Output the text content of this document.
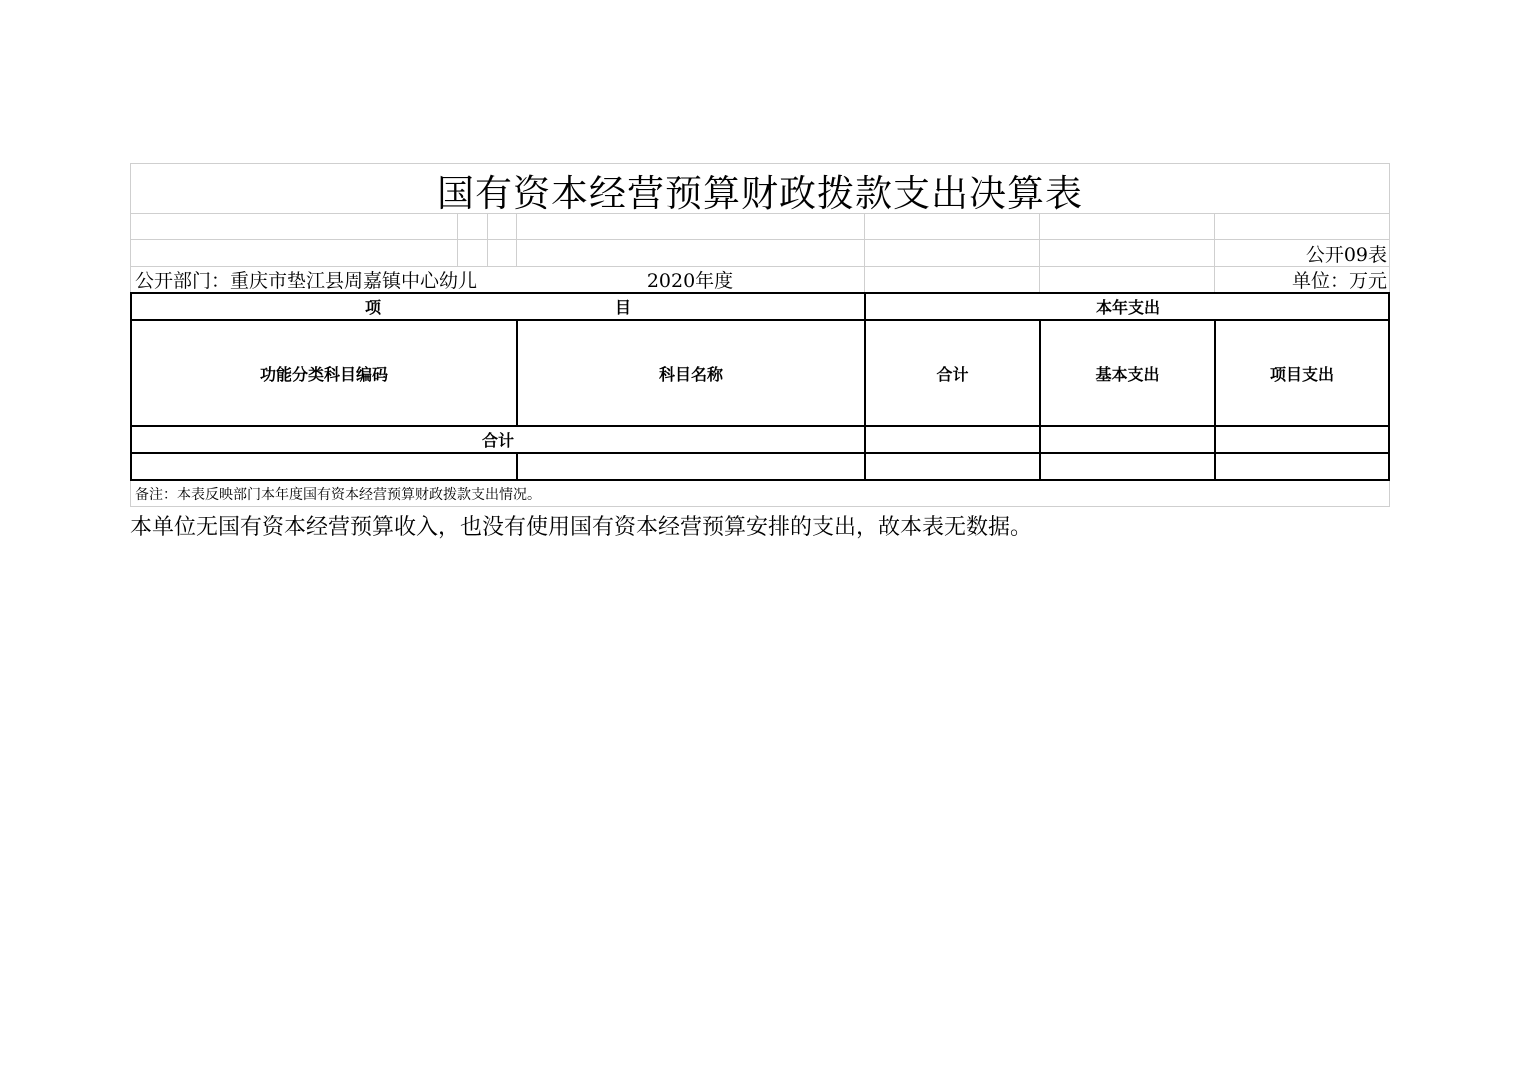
国有资本经营预算财政拨款支出决算表
公开09表
公开部门：重庆市垫江县周嘉镇中心幼儿	2020年度	单位：万元
项	目	本年支出
功能分类科目编码	科目名称	合计	基本支出	项目支出
合计
备注：本表反映部门本年度国有资本经营预算财政拨款支出情况。
本单位无国有资本经营预算收入，也没有使用国有资本经营预算安排的支出，故本表无数据。
